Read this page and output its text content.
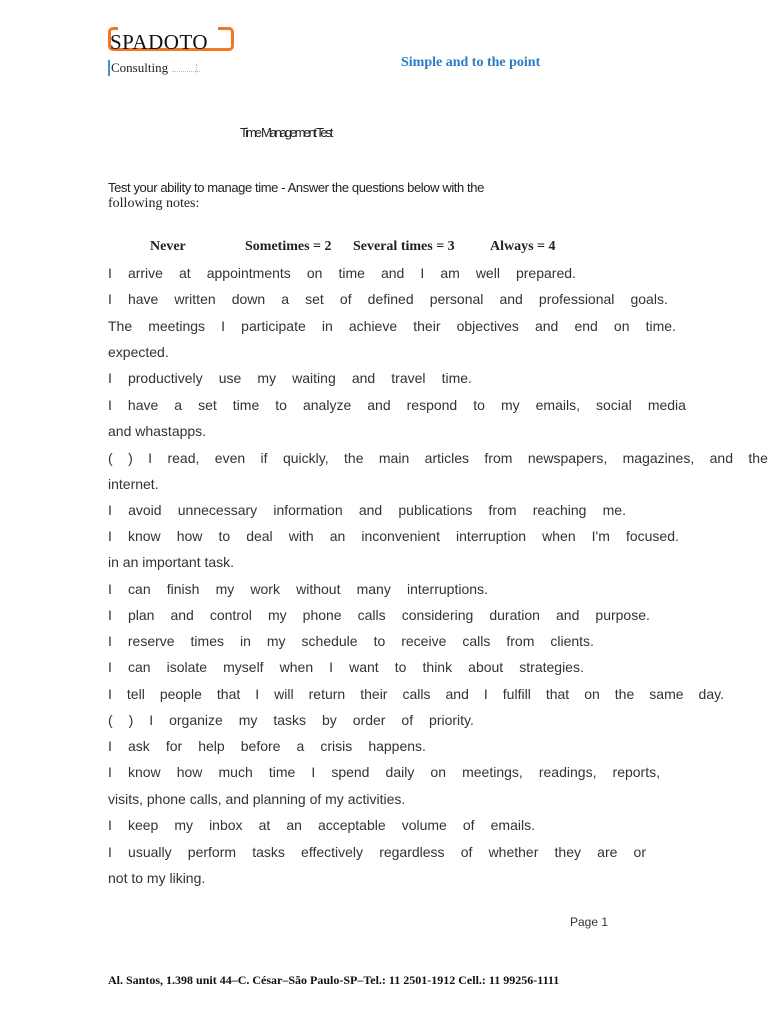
SPADOTO
Consulting	Simple and to the point
Time Management Test
Test your ability to manage time - Answer the questions below with the
following notes:
Never	Sometimes = 2 Several times = 3	Always = 4
I arrive at appointments on time and I am well prepared.
I have written down a set of defined personal and professional goals.
The meetings I participate in achieve their objectives and end on time.
expected.
I productively use my waiting and travel time.
I have a set time to analyze and respond to my emails, social media
and whastapps.
( ) I read, even if quickly, the main articles from newspapers, magazines, and the
internet.
I avoid unnecessary information and publications from reaching me.
I know how to deal with an inconvenient interruption when I'm focused.
in an important task.
I can finish my work without many interruptions.
I plan and control my phone calls considering duration and purpose.
I reserve times in my schedule to receive calls from clients.
I can isolate myself when I want to think about strategies.
I tell people that I will return their calls and I fulfill that on the same day.
( ) I organize my tasks by order of priority.
I ask for help before a crisis happens.
I know how much time I spend daily on meetings, readings, reports,
visits, phone calls, and planning of my activities.
I keep my inbox at an acceptable volume of emails.
I usually perform tasks effectively regardless of whether they are or
not to my liking.
Page 1
Al. Santos, 1.398 unit 44–C. César–São Paulo-SP–Tel.: 11 2501-1912 Cell.: 11 99256-1111
